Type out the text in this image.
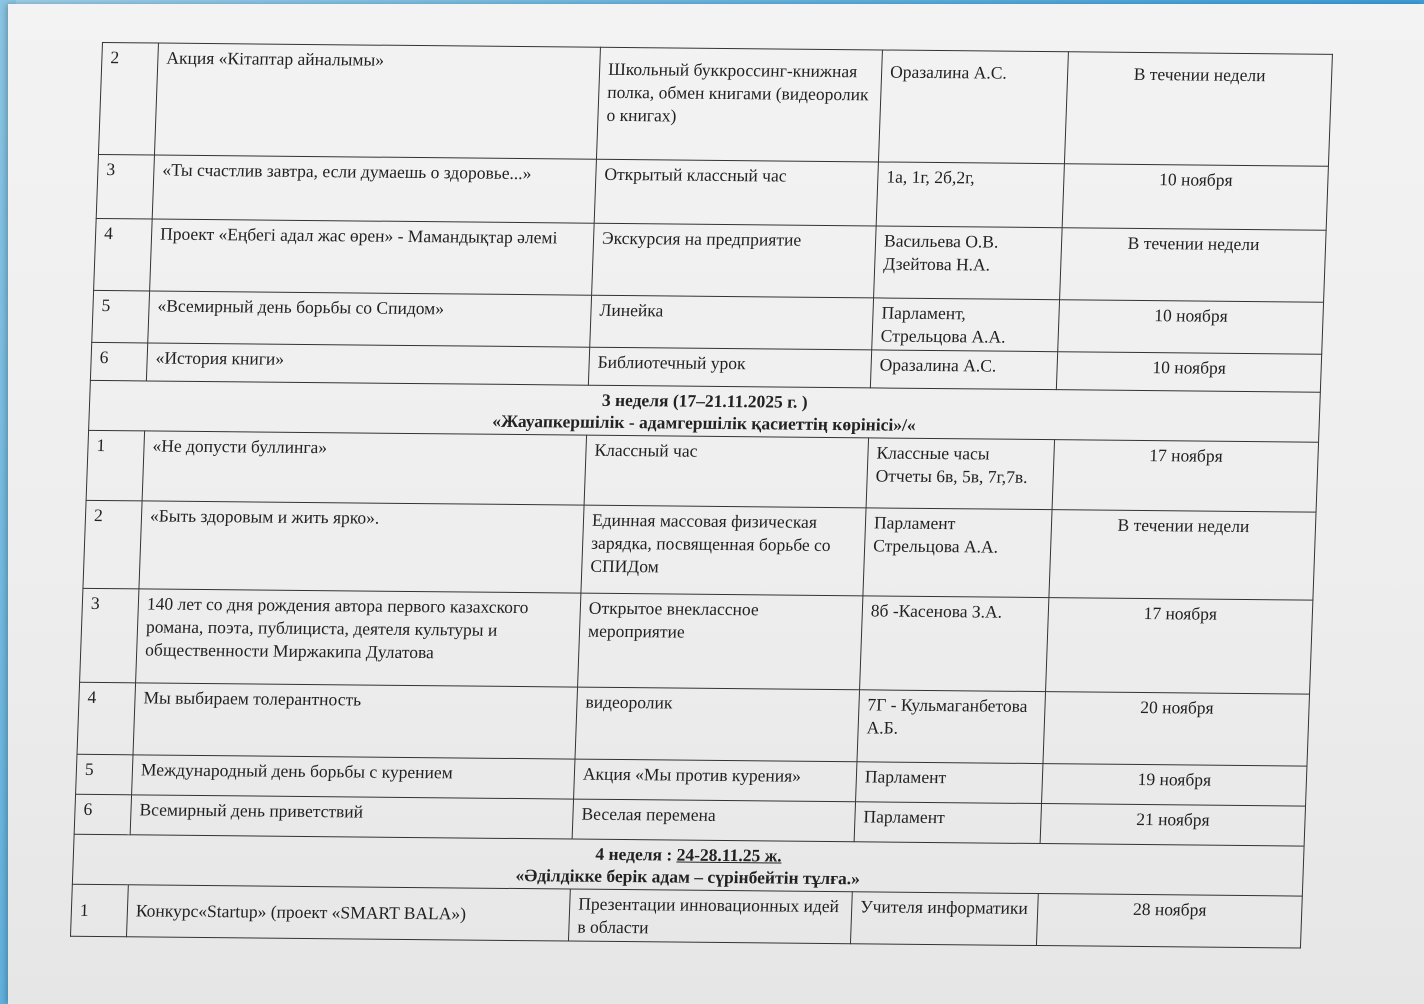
2	Акция «Кітаптар айналымы»	Школьный буккроссинг-книжная полка, обмен книгами (видеоролик о книгах)	Оразалина А.С.	В течении недели
3	«Ты счастлив завтра, если думаешь о здоровье...»	Открытый классный час	1а, 1г, 2б,2г,	10 ноября
4	Проект «Еңбегі адал жас өрен» - Мамандықтар әлемі	Экскурсия на предприятие	Васильева О.В. Дзейтова Н.А.	В течении недели
5	«Всемирный день борьбы со Спидом»	Линейка	Парламент, Стрельцова А.А.	10 ноября
6	«История книги»	Библиотечный урок	Оразалина А.С.	10 ноября

3 неделя (17–21.11.2025 г. )
«Жауапкершілік - адамгершілік қасиеттің көрінісі»/«				

1	«Не допусти буллинга»	Классный час	Классные часы Отчеты 6в, 5в, 7г,7в.	17 ноября
2	«Быть здоровым и жить ярко».	Единная массовая физическая зарядка, посвященная борьбе со СПИДом	Парламент Стрельцова А.А.	В течении недели
3	140 лет со дня рождения автора первого казахского романа, поэта, публициста, деятеля культуры и общественности Миржакипа Дулатова	Открытое внеклассное мероприятие	8б -Касенова З.А.	17 ноября
4	Мы выбираем толерантность	видеоролик	7Г - Кульмаганбетова А.Б.	20 ноября
5	Международный день борьбы с курением	Акция «Мы против курения»	Парламент	19 ноября
6	Всемирный день приветствий	Веселая перемена	Парламент	21 ноября

4 неделя : 24-28.11.25 ж.
«Әділдікке берік адам – сүрінбейтін тұлға.»				

1	Конкурс«Startup» (проект «SMART BALA»)	Презентации инновационных идей в области	Учителя информатики	28 ноября
